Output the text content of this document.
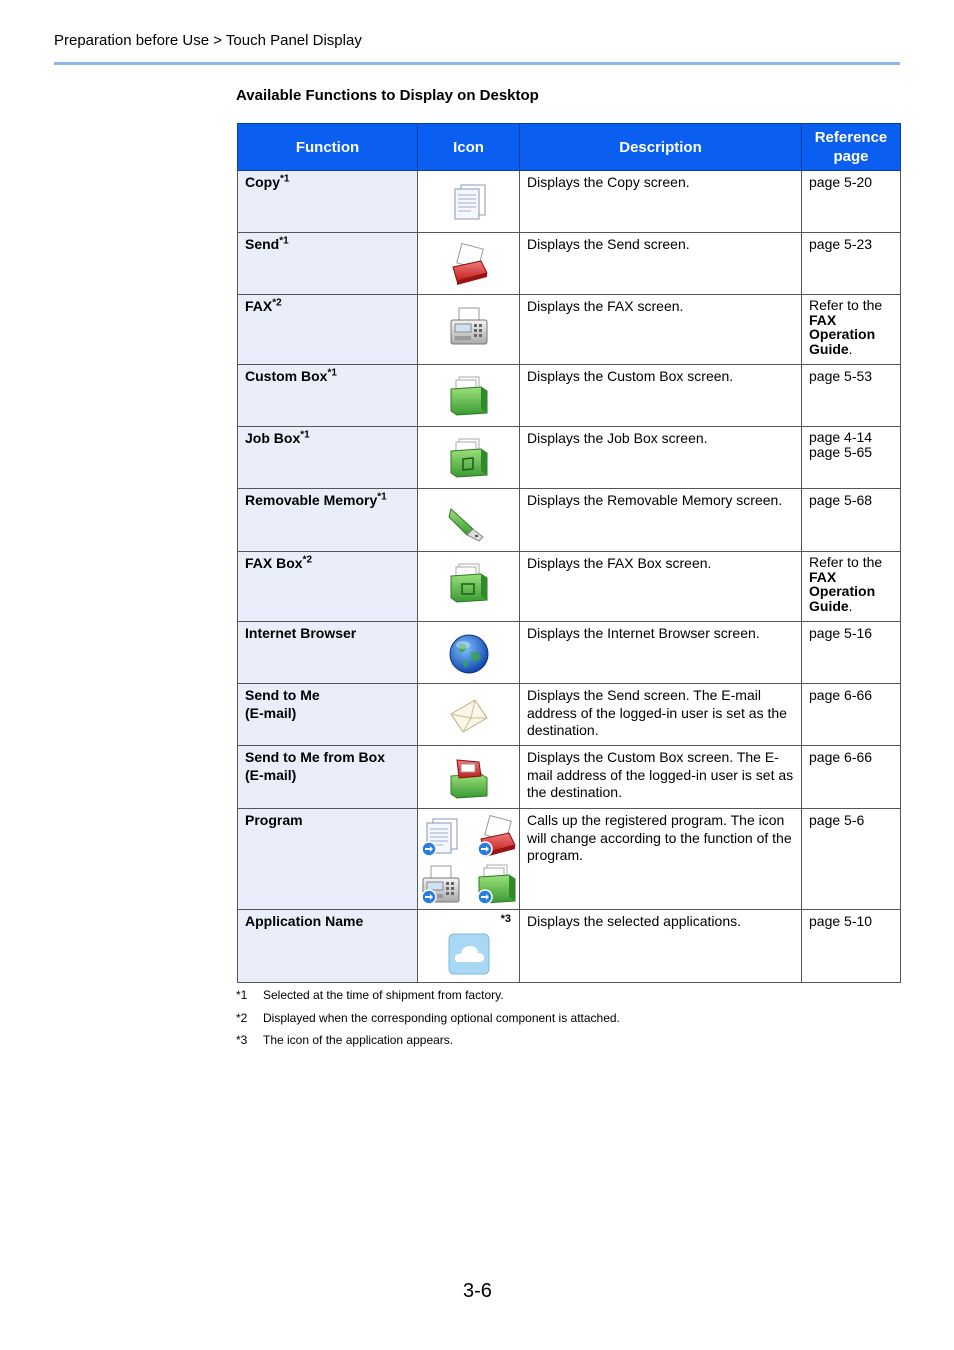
Preparation before Use > Touch Panel Display
Available Functions to Display on Desktop
Function	Icon	Description	Reference page
Copy$^{*1}$		Displays the Copy screen.	page 5-20
Send$^{*1}$		Displays the Send screen.	page 5-23
FAX$^{*2}$		Displays the FAX screen.	Refer to the
FAX Operation Guide.
Custom Box$^{*1}$		Displays the Custom Box screen.	page 5-53
Job Box$^{*1}$		Displays the Job Box screen.	page 4-14
page 5-65
Removable Memory$^{*1}$		Displays the Removable Memory screen.	page 5-68
FAX Box$^{*2}$		Displays the FAX Box screen.	Refer to the
FAX Operation Guide.
Internet Browser		Displays the Internet Browser screen.	page 5-16
Send to Me
(E-mail)		Displays the Send screen. The E-mail address of the logged-in user is set as the destination.	page 6-66
Send to Me from Box
(E-mail)		Displays the Custom Box screen. The E-mail address of the logged-in user is set as the destination.	page 6-66
Program		Calls up the registered program. The icon will change according to the function of the program.	page 5-6
Application Name	*3	Displays the selected applications.	page 5-10
*1	Selected at the time of shipment from factory.
*2	Displayed when the corresponding optional component is attached.
*3	The icon of the application appears.
3-6
